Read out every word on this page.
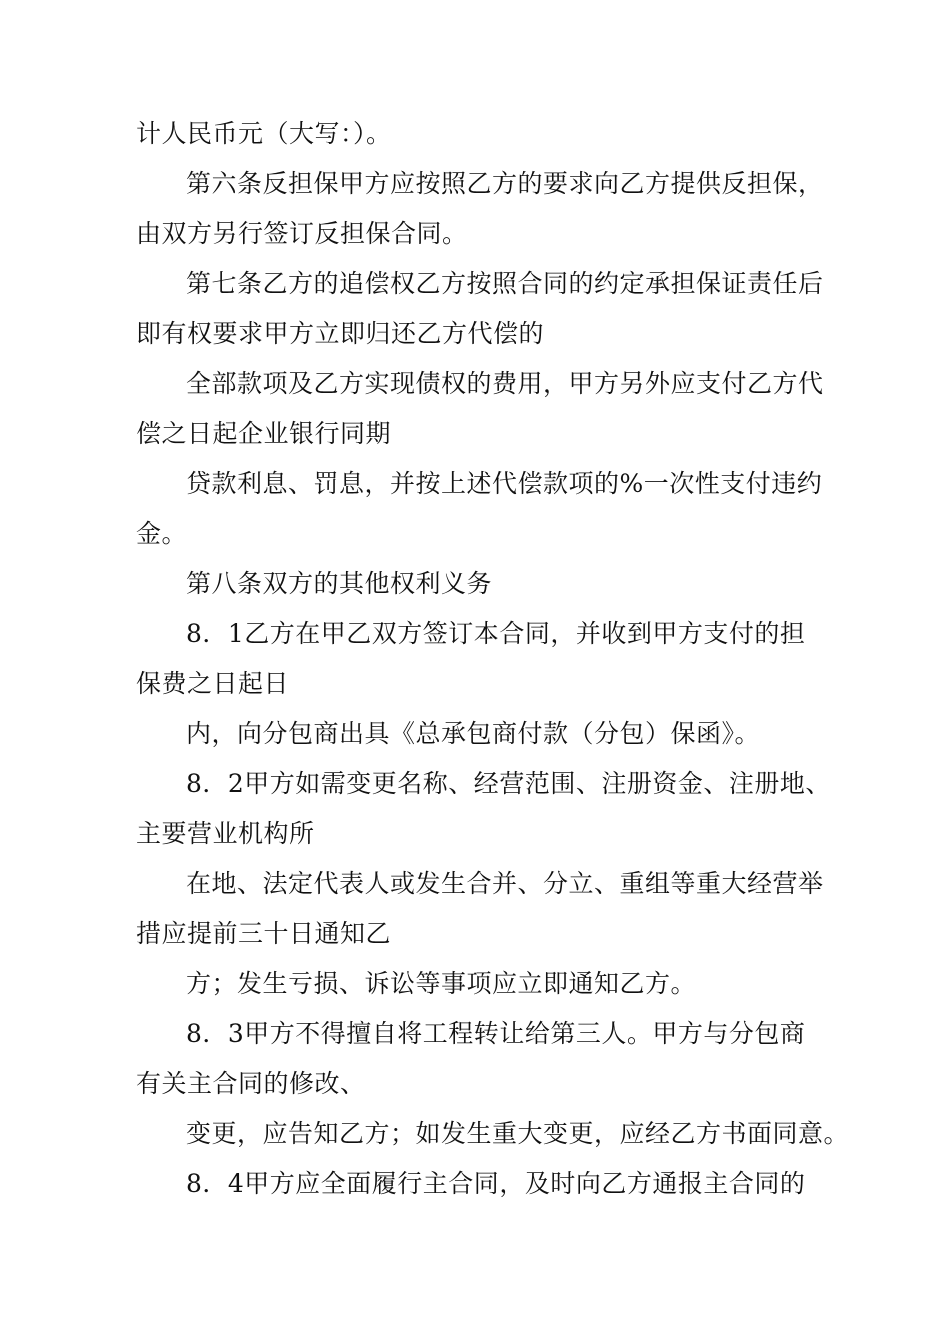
计人民币元（大写：）。
第六条反担保甲方应按照乙方的要求向乙方提供反担保，
由双方另行签订反担保合同。
第七条乙方的追偿权乙方按照合同的约定承担保证责任后
即有权要求甲方立即归还乙方代偿的
全部款项及乙方实现债权的费用，甲方另外应支付乙方代
偿之日起企业银行同期
贷款利息、罚息，并按上述代偿款项的%一次性支付违约
金。
第八条双方的其他权利义务
8．1乙方在甲乙双方签订本合同，并收到甲方支付的担
保费之日起日
内，向分包商出具《总承包商付款（分包）保函》。
8．2甲方如需变更名称、经营范围、注册资金、注册地、
主要营业机构所
在地、法定代表人或发生合并、分立、重组等重大经营举
措应提前三十日通知乙
方；发生亏损、诉讼等事项应立即通知乙方。
8．3甲方不得擅自将工程转让给第三人。甲方与分包商
有关主合同的修改、
变更，应告知乙方；如发生重大变更，应经乙方书面同意。
8．4甲方应全面履行主合同，及时向乙方通报主合同的
